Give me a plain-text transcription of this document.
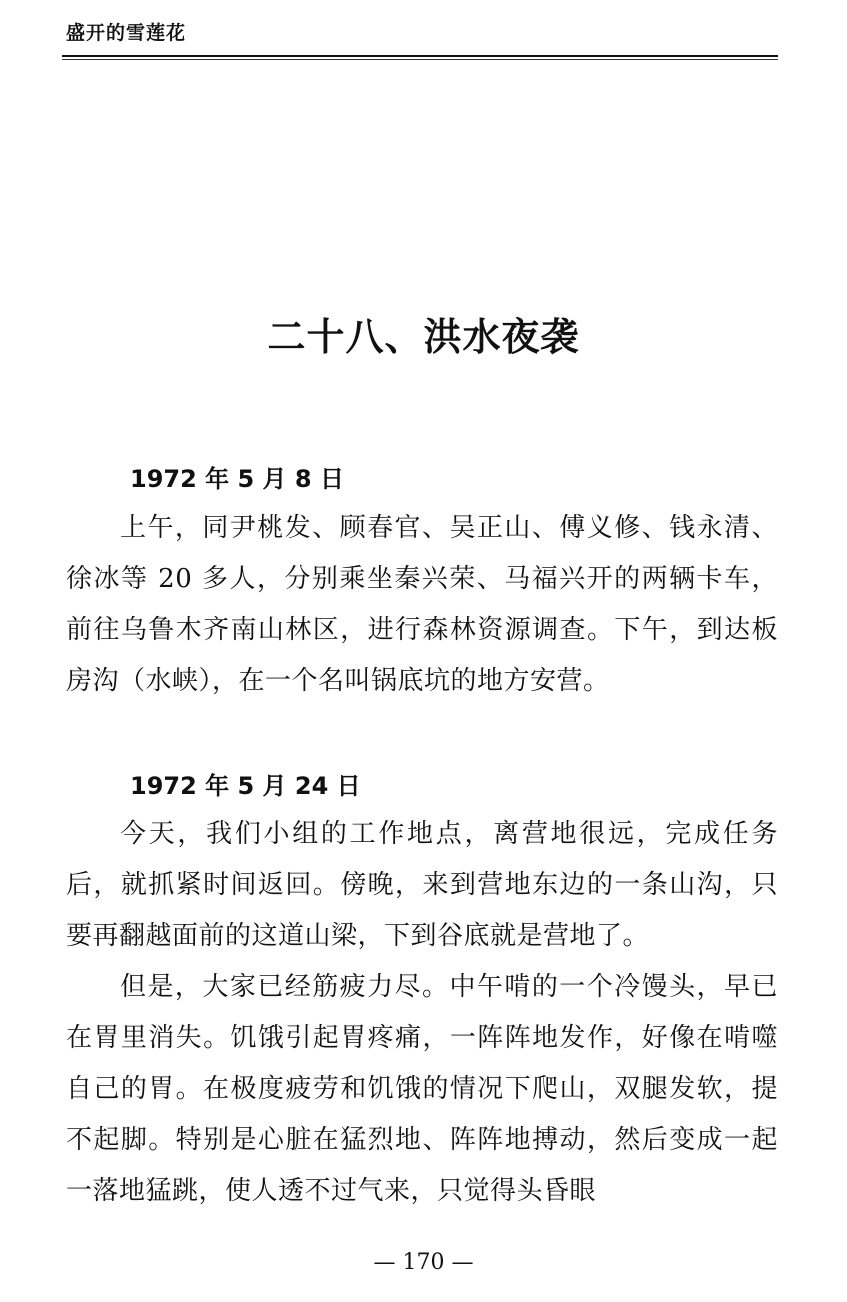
盛开的雪莲花
二十八、洪水夜袭
1972 年 5 月 8 日

上午，同尹桃发、顾春官、吴正山、傅义修、钱永清、徐冰等 20 多人，分别乘坐秦兴荣、马福兴开的两辆卡车，前往乌鲁木齐南山林区，进行森林资源调查。下午，到达板房沟（水峡），在一个名叫锅底坑的地方安营。

1972 年 5 月 24 日

今天，我们小组的工作地点，离营地很远，完成任务后，就抓紧时间返回。傍晚，来到营地东边的一条山沟，只要再翻越面前的这道山梁，下到谷底就是营地了。

但是，大家已经筋疲力尽。中午啃的一个冷馒头，早已在胃里消失。饥饿引起胃疼痛，一阵阵地发作，好像在啃噬自己的胃。在极度疲劳和饥饿的情况下爬山，双腿发软，提不起脚。特别是心脏在猛烈地、阵阵地搏动，然后变成一起一落地猛跳，使人透不过气来，只觉得头昏眼

— 170 —
